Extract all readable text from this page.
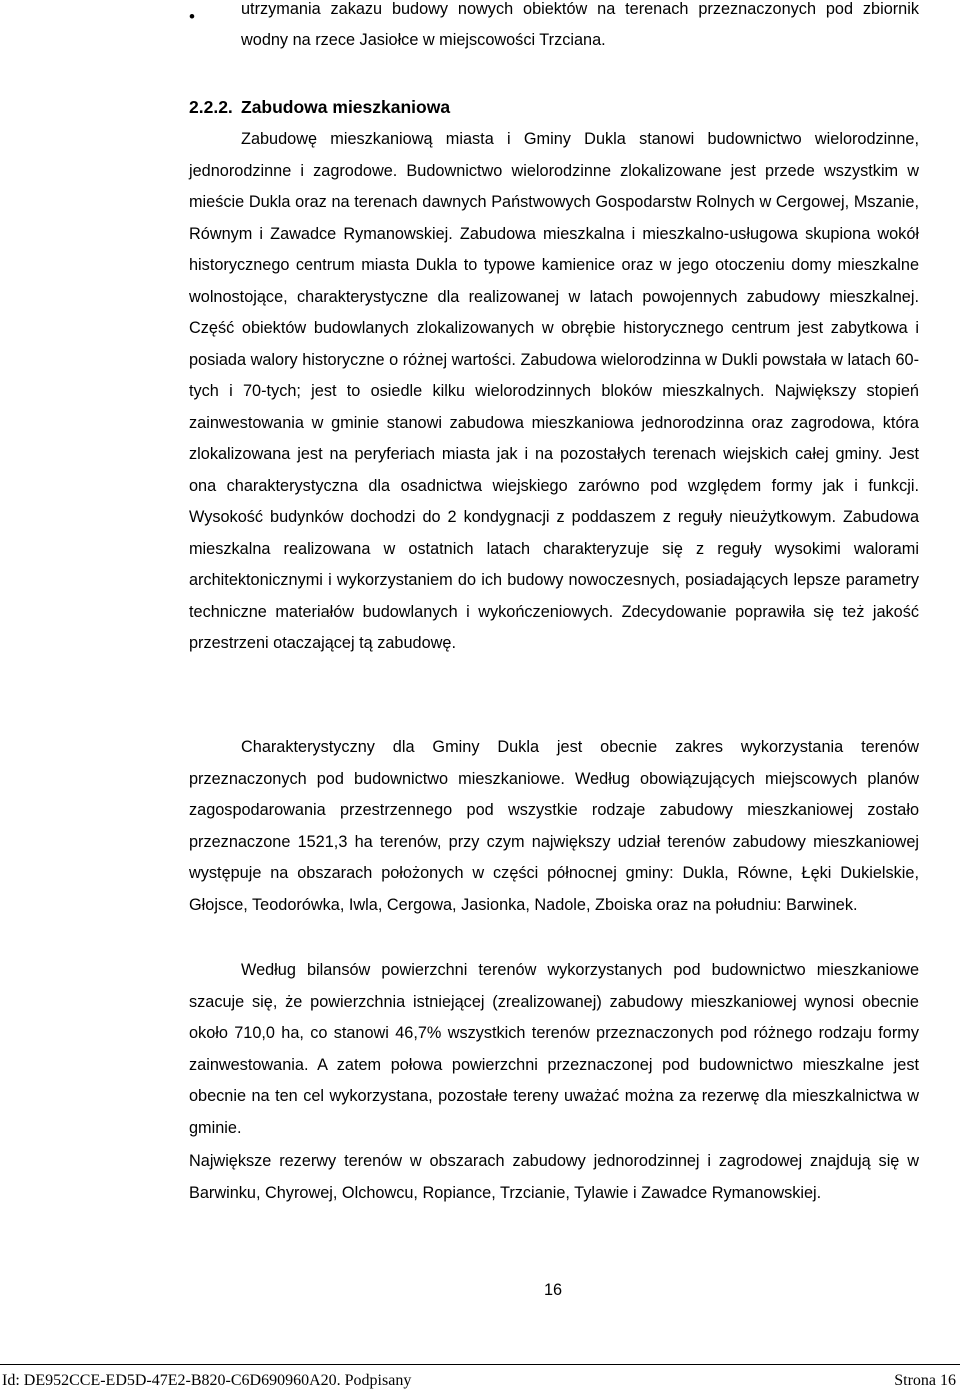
•	utrzymania zakazu budowy nowych obiektów na terenach przeznaczonych pod zbiornik wodny na rzece Jasiołce w miejscowości Trzciana.
2.2.2. Zabudowa mieszkaniowa

Zabudowę mieszkaniową miasta i Gminy Dukla stanowi budownictwo wielorodzinne, jednorodzinne i zagrodowe. Budownictwo wielorodzinne zlokalizowane jest przede wszystkim w mieście Dukla oraz na terenach dawnych Państwowych Gospodarstw Rolnych w Cergowej, Mszanie, Równym i Zawadce Rymanowskiej. Zabudowa mieszkalna i mieszkalno-usługowa skupiona wokół historycznego centrum miasta Dukla to typowe kamienice oraz w jego otoczeniu domy mieszkalne wolnostojące, charakterystyczne dla realizowanej w latach powojennych zabudowy mieszkalnej. Część obiektów budowlanych zlokalizowanych w obrębie historycznego centrum jest zabytkowa i posiada walory historyczne o różnej wartości. Zabudowa wielorodzinna w Dukli powstała w latach 60-tych i 70-tych; jest to osiedle kilku wielorodzinnych bloków mieszkalnych. Największy stopień zainwestowania w gminie stanowi zabudowa mieszkaniowa jednorodzinna oraz zagrodowa, która zlokalizowana jest na peryferiach miasta jak i na pozostałych terenach wiejskich całej gminy. Jest ona charakterystyczna dla osadnictwa wiejskiego zarówno pod względem formy jak i funkcji. Wysokość budynków dochodzi do 2 kondygnacji z poddaszem z reguły nieużytkowym. Zabudowa mieszkalna realizowana w ostatnich latach charakteryzuje się z reguły wysokimi walorami architektonicznymi i wykorzystaniem do ich budowy nowoczesnych, posiadających lepsze parametry techniczne materiałów budowlanych i wykończeniowych. Zdecydowanie poprawiła się też jakość przestrzeni otaczającej tą zabudowę.

Charakterystyczny dla Gminy Dukla jest obecnie zakres wykorzystania terenów przeznaczonych pod budownictwo mieszkaniowe. Według obowiązujących miejscowych planów zagospodarowania przestrzennego pod wszystkie rodzaje zabudowy mieszkaniowej zostało przeznaczone 1521,3 ha terenów, przy czym największy udział terenów zabudowy mieszkaniowej występuje na obszarach położonych w części północnej gminy: Dukla, Równe, Łęki Dukielskie, Głojsce, Teodorówka, Iwla, Cergowa, Jasionka, Nadole, Zboiska oraz na południu: Barwinek.

Według bilansów powierzchni terenów wykorzystanych pod budownictwo mieszkaniowe szacuje się, że powierzchnia istniejącej (zrealizowanej) zabudowy mieszkaniowej wynosi obecnie około 710,0 ha, co stanowi 46,7% wszystkich terenów przeznaczonych pod różnego rodzaju formy zainwestowania. A zatem połowa powierzchni przeznaczonej pod budownictwo mieszkalne jest obecnie na ten cel wykorzystana, pozostałe tereny uważać można za rezerwę dla mieszkalnictwa w gminie.

Największe rezerwy terenów w obszarach zabudowy jednorodzinnej i zagrodowej znajdują się w Barwinku, Chyrowej, Olchowcu, Ropiance, Trzcianie, Tylawie i Zawadce Rymanowskiej.

16
Id: DE952CCE-ED5D-47E2-B820-C6D690960A20. Podpisany	Strona 16
